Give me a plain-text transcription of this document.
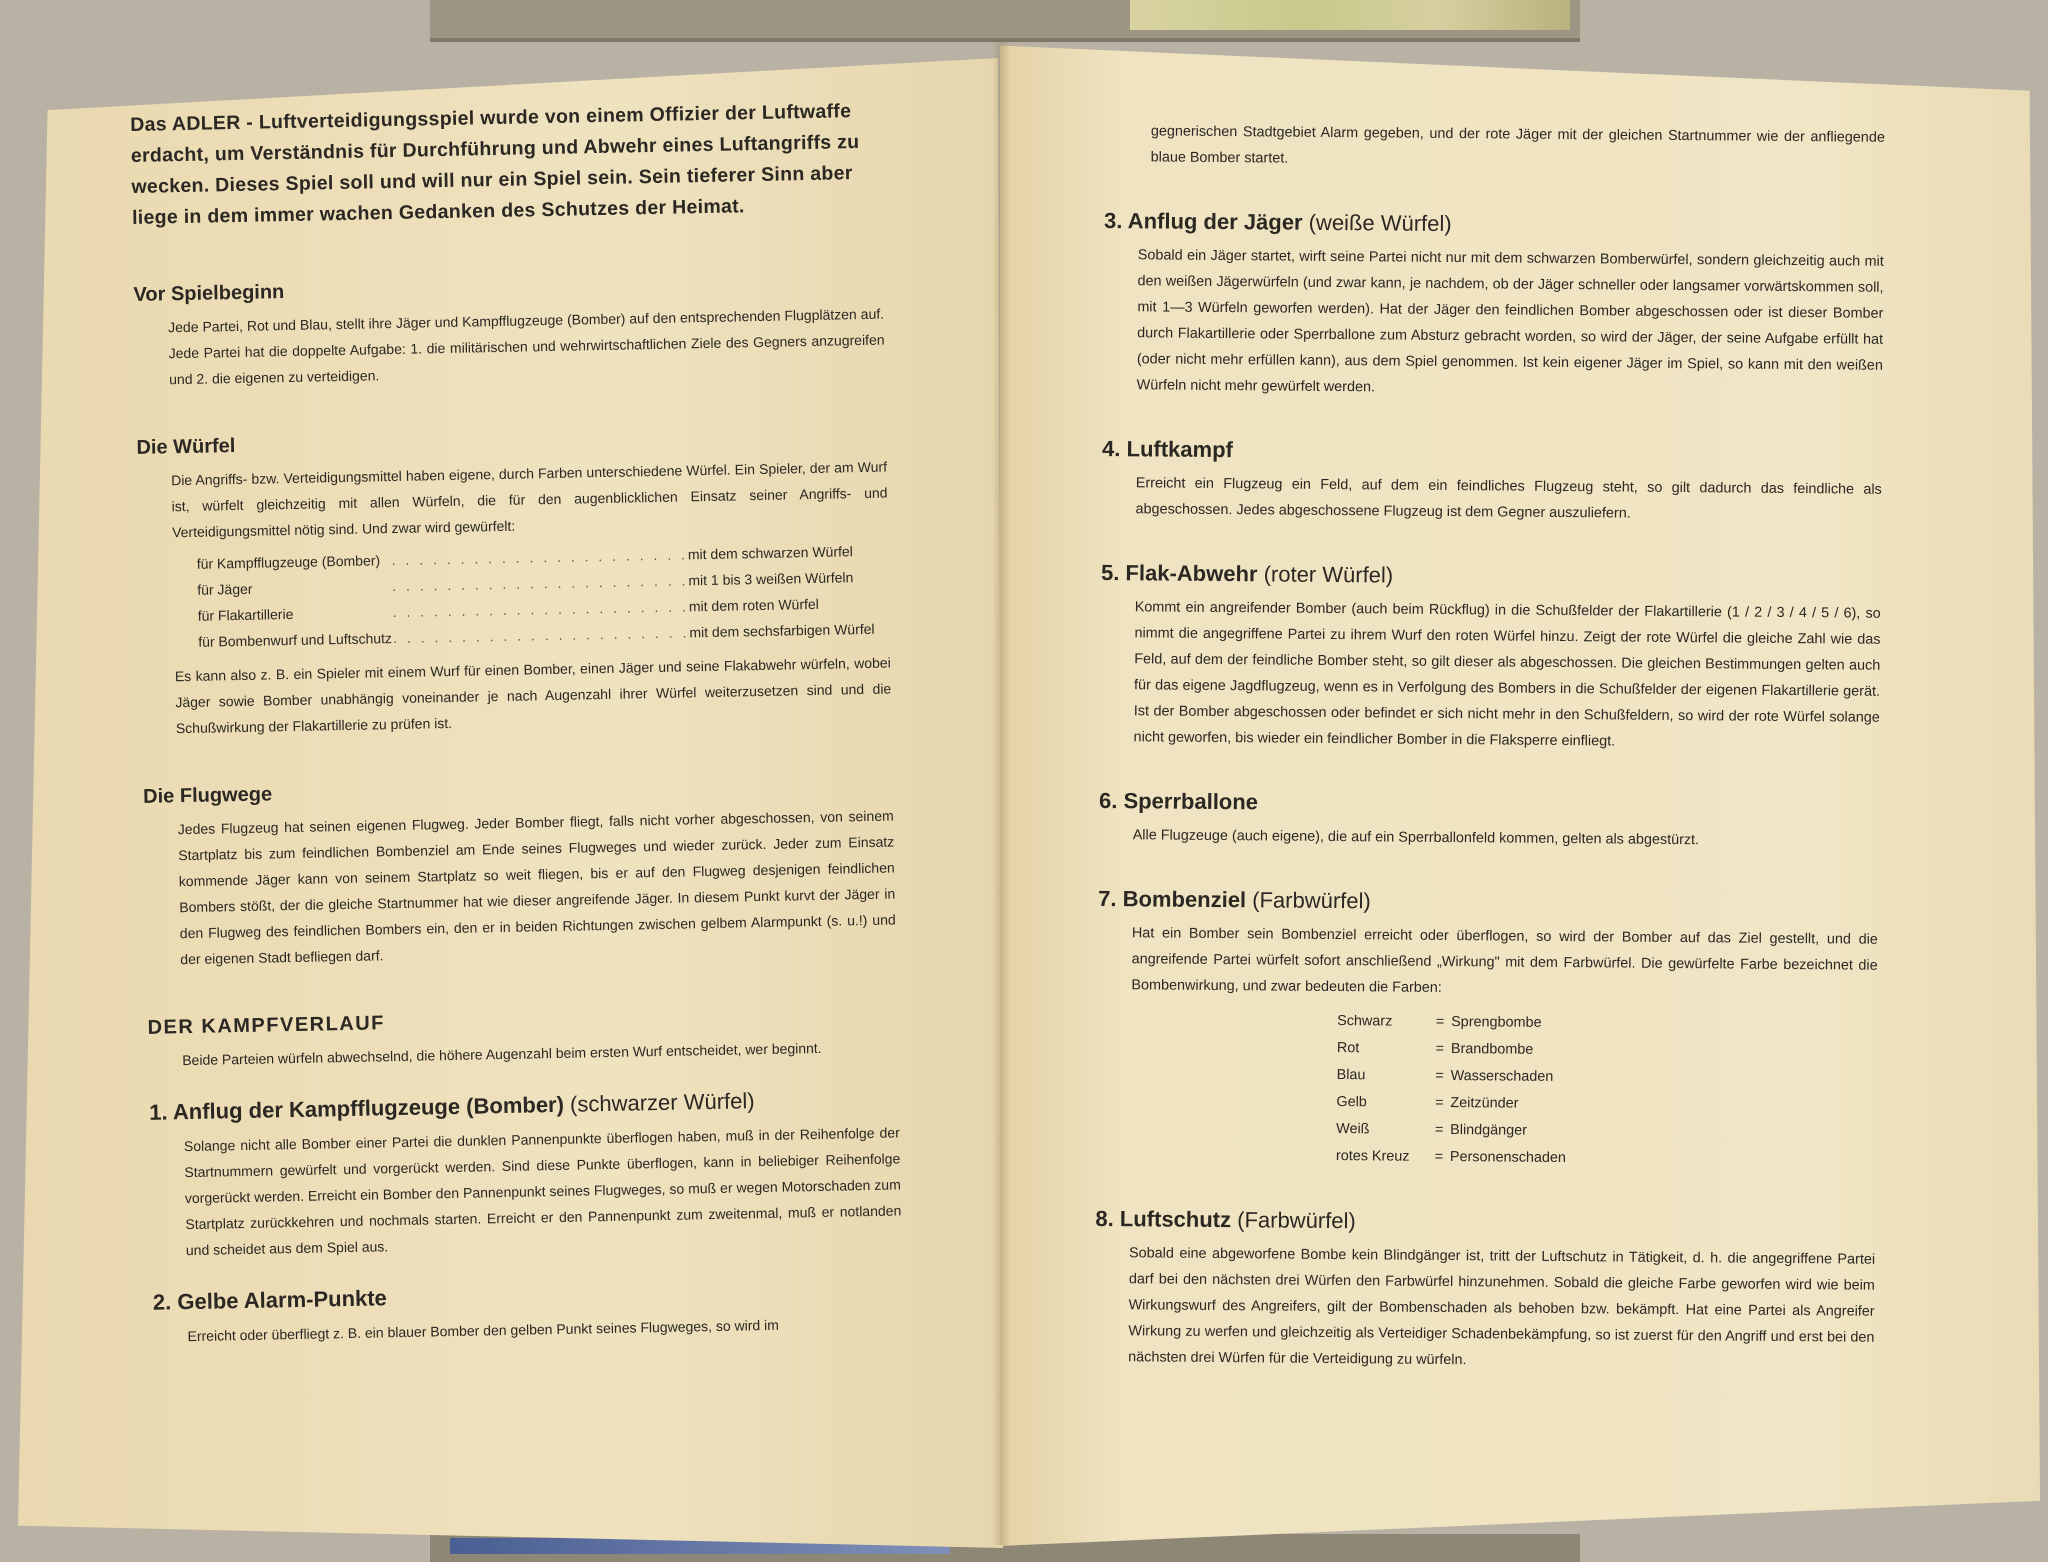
Das ADLER - Luftverteidigungsspiel wurde von einem Offizier der Luftwaffe erdacht, um Verständnis für Durchführung und Abwehr eines Luftangriffs zu wecken. Dieses Spiel soll und will nur ein Spiel sein. Sein tieferer Sinn aber liege in dem immer wachen Gedanken des Schutzes der Heimat.
Vor Spielbeginn

Jede Partei, Rot und Blau, stellt ihre Jäger und Kampfflugzeuge (Bomber) auf den entsprechenden Flugplätzen auf. Jede Partei hat die doppelte Aufgabe: 1. die militärischen und wehrwirtschaftlichen Ziele des Gegners anzugreifen und 2. die eigenen zu verteidigen.

Die Würfel

Die Angriffs- bzw. Verteidigungsmittel haben eigene, durch Farben unterschiedene Würfel. Ein Spieler, der am Wurf ist, würfelt gleichzeitig mit allen Würfeln, die für den augenblicklichen Einsatz seiner Angriffs- und Verteidigungsmittel nötig sind. Und zwar wird gewürfelt:

für Kampfflugzeuge (Bomber)	. . . . . . . . . . . . . . . . . . . . . .	mit dem schwarzen Würfel
für Jäger	. . . . . . . . . . . . . . . . . . . . . .	mit 1 bis 3 weißen Würfeln
für Flakartillerie	. . . . . . . . . . . . . . . . . . . . . .	mit dem roten Würfel
für Bombenwurf und Luftschutz	. . . . . . . . . . . . . . . . . . . . . .	mit dem sechsfarbigen Würfel

Es kann also z. B. ein Spieler mit einem Wurf für einen Bomber, einen Jäger und seine Flakabwehr würfeln, wobei Jäger sowie Bomber unabhängig voneinander je nach Augenzahl ihrer Würfel weiterzusetzen sind und die Schußwirkung der Flakartillerie zu prüfen ist.

Die Flugwege

Jedes Flugzeug hat seinen eigenen Flugweg. Jeder Bomber fliegt, falls nicht vorher abgeschossen, von seinem Startplatz bis zum feindlichen Bombenziel am Ende seines Flugweges und wieder zurück. Jeder zum Einsatz kommende Jäger kann von seinem Startplatz so weit fliegen, bis er auf den Flugweg desjenigen feindlichen Bombers stößt, der die gleiche Startnummer hat wie dieser angreifende Jäger. In diesem Punkt kurvt der Jäger in den Flugweg des feindlichen Bombers ein, den er in beiden Richtungen zwischen gelbem Alarmpunkt (s. u.!) und der eigenen Stadt befliegen darf.

DER KAMPFVERLAUF

Beide Parteien würfeln abwechselnd, die höhere Augenzahl beim ersten Wurf entscheidet, wer beginnt.

1. Anflug der Kampfflugzeuge (Bomber) (schwarzer Würfel)

Solange nicht alle Bomber einer Partei die dunklen Pannenpunkte überflogen haben, muß in der Reihenfolge der Startnummern gewürfelt und vorgerückt werden. Sind diese Punkte überflogen, kann in beliebiger Reihenfolge vorgerückt werden. Erreicht ein Bomber den Pannenpunkt seines Flugweges, so muß er wegen Motorschaden zum Startplatz zurückkehren und nochmals starten. Erreicht er den Pannenpunkt zum zweitenmal, muß er notlanden und scheidet aus dem Spiel aus.

2. Gelbe Alarm-Punkte

Erreicht oder überfliegt z. B. ein blauer Bomber den gelben Punkt seines Flugweges, so wird im

gegnerischen Stadtgebiet Alarm gegeben, und der rote Jäger mit der gleichen Startnummer wie der anfliegende blaue Bomber startet.

3. Anflug der Jäger (weiße Würfel)

Sobald ein Jäger startet, wirft seine Partei nicht nur mit dem schwarzen Bomberwürfel, sondern gleichzeitig auch mit den weißen Jägerwürfeln (und zwar kann, je nachdem, ob der Jäger schneller oder langsamer vorwärtskommen soll, mit 1—3 Würfeln geworfen werden). Hat der Jäger den feindlichen Bomber abgeschossen oder ist dieser Bomber durch Flakartillerie oder Sperrballone zum Absturz gebracht worden, so wird der Jäger, der seine Aufgabe erfüllt hat (oder nicht mehr erfüllen kann), aus dem Spiel genommen. Ist kein eigener Jäger im Spiel, so kann mit den weißen Würfeln nicht mehr gewürfelt werden.

4. Luftkampf

Erreicht ein Flugzeug ein Feld, auf dem ein feindliches Flugzeug steht, so gilt dadurch das feindliche als abgeschossen. Jedes abgeschossene Flugzeug ist dem Gegner auszuliefern.

5. Flak-Abwehr (roter Würfel)

Kommt ein angreifender Bomber (auch beim Rückflug) in die Schußfelder der Flakartillerie (1 / 2 / 3 / 4 / 5 / 6), so nimmt die angegriffene Partei zu ihrem Wurf den roten Würfel hinzu. Zeigt der rote Würfel die gleiche Zahl wie das Feld, auf dem der feindliche Bomber steht, so gilt dieser als abgeschossen. Die gleichen Bestimmungen gelten auch für das eigene Jagdflugzeug, wenn es in Verfolgung des Bombers in die Schußfelder der eigenen Flakartillerie gerät. Ist der Bomber abgeschossen oder befindet er sich nicht mehr in den Schußfeldern, so wird der rote Würfel solange nicht geworfen, bis wieder ein feindlicher Bomber in die Flaksperre einfliegt.

6. Sperrballone

Alle Flugzeuge (auch eigene), die auf ein Sperrballonfeld kommen, gelten als abgestürzt.

7. Bombenziel (Farbwürfel)

Hat ein Bomber sein Bombenziel erreicht oder überflogen, so wird der Bomber auf das Ziel gestellt, und die angreifende Partei würfelt sofort anschließend „Wirkung" mit dem Farbwürfel. Die gewürfelte Farbe bezeichnet die Bombenwirkung, und zwar bedeuten die Farben:

Schwarz	=	Sprengbombe
Rot	=	Brandbombe
Blau	=	Wasserschaden
Gelb	=	Zeitzünder
Weiß	=	Blindgänger
rotes Kreuz	=	Personenschaden
8. Luftschutz (Farbwürfel)

Sobald eine abgeworfene Bombe kein Blindgänger ist, tritt der Luftschutz in Tätigkeit, d. h. die angegriffene Partei darf bei den nächsten drei Würfen den Farbwürfel hinzunehmen. Sobald die gleiche Farbe geworfen wird wie beim Wirkungswurf des Angreifers, gilt der Bombenschaden als behoben bzw. bekämpft. Hat eine Partei als Angreifer Wirkung zu werfen und gleichzeitig als Verteidiger Schadenbekämpfung, so ist zuerst für den Angriff und erst bei den nächsten drei Würfen für die Verteidigung zu würfeln.
